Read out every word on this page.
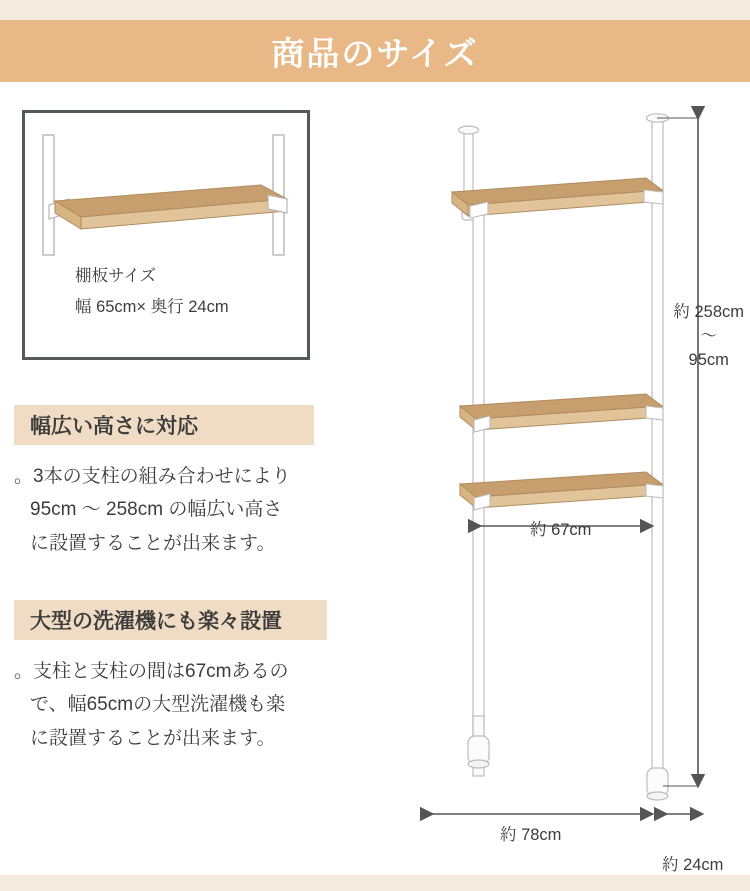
商品のサイズ
棚板サイズ
幅 65cm× 奥行 24cm
幅広い高さに対応
。3本の支柱の組み合わせにより
95cm ～ 258cm の幅広い高さ
に設置することが出来ます。
大型の洗濯機にも楽々設置
。支柱と支柱の間は67cmあるの
で、幅65cmの大型洗濯機も楽
に設置することが出来ます。
約 258cm
～
95cm
約 67cm
約 78cm
約 24cm
